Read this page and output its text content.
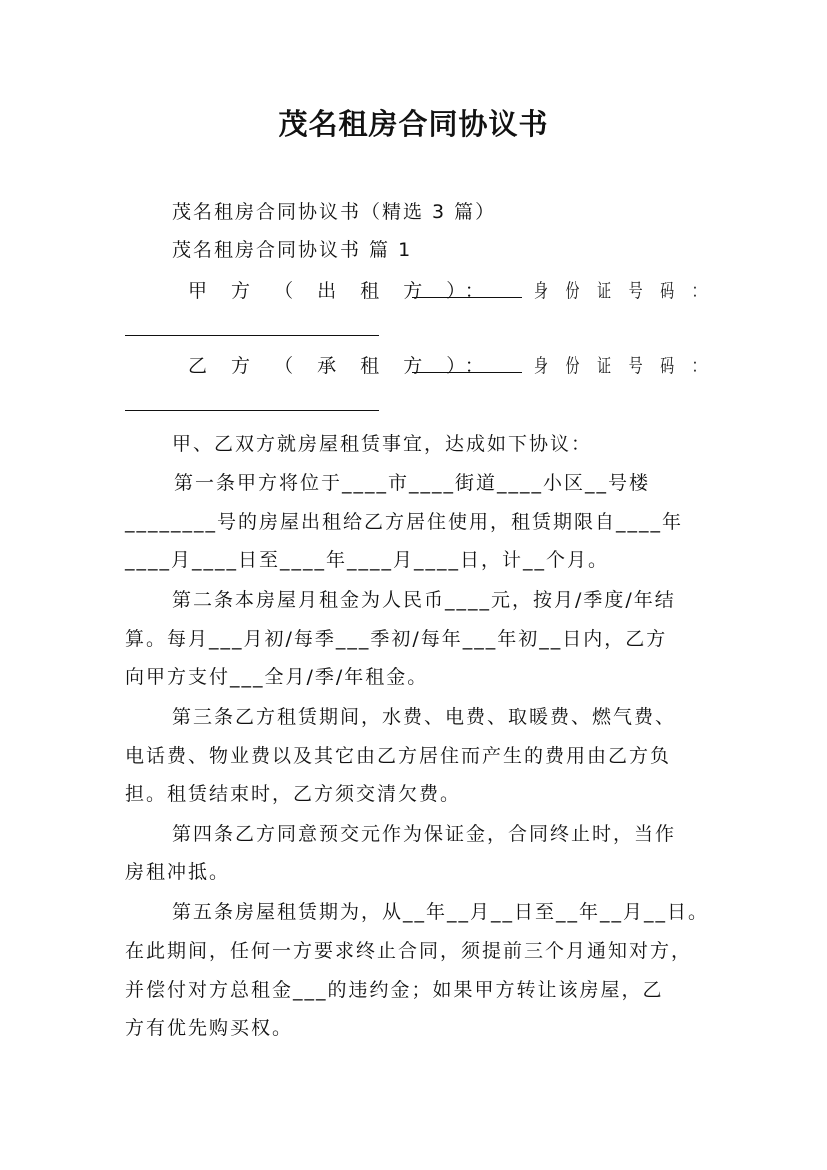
茂名租房合同协议书
茂名租房合同协议书（精选 3 篇）
茂名租房合同协议书 篇 1
甲 方 （ 出 租 方 ）： 身 份 证 号 码 ：
乙 方 （ 承 租 方 ）： 身 份 证 号 码 ：
甲、乙双方就房屋租赁事宜，达成如下协议：
第一条甲方将位于____市____街道____小区__号楼
________号的房屋出租给乙方居住使用，租赁期限自____年
____月____日至____年____月____日，计__个月。
第二条本房屋月租金为人民币____元，按月/季度/年结
算。每月___月初/每季___季初/每年___年初__日内，乙方
向甲方支付___全月/季/年租金。
第三条乙方租赁期间，水费、电费、取暖费、燃气费、
电话费、物业费以及其它由乙方居住而产生的费用由乙方负
担。租赁结束时，乙方须交清欠费。
第四条乙方同意预交元作为保证金，合同终止时，当作
房租冲抵。
第五条房屋租赁期为，从__年__月__日至__年__月__日。
在此期间，任何一方要求终止合同，须提前三个月通知对方，
并偿付对方总租金___的违约金；如果甲方转让该房屋，乙
方有优先购买权。
